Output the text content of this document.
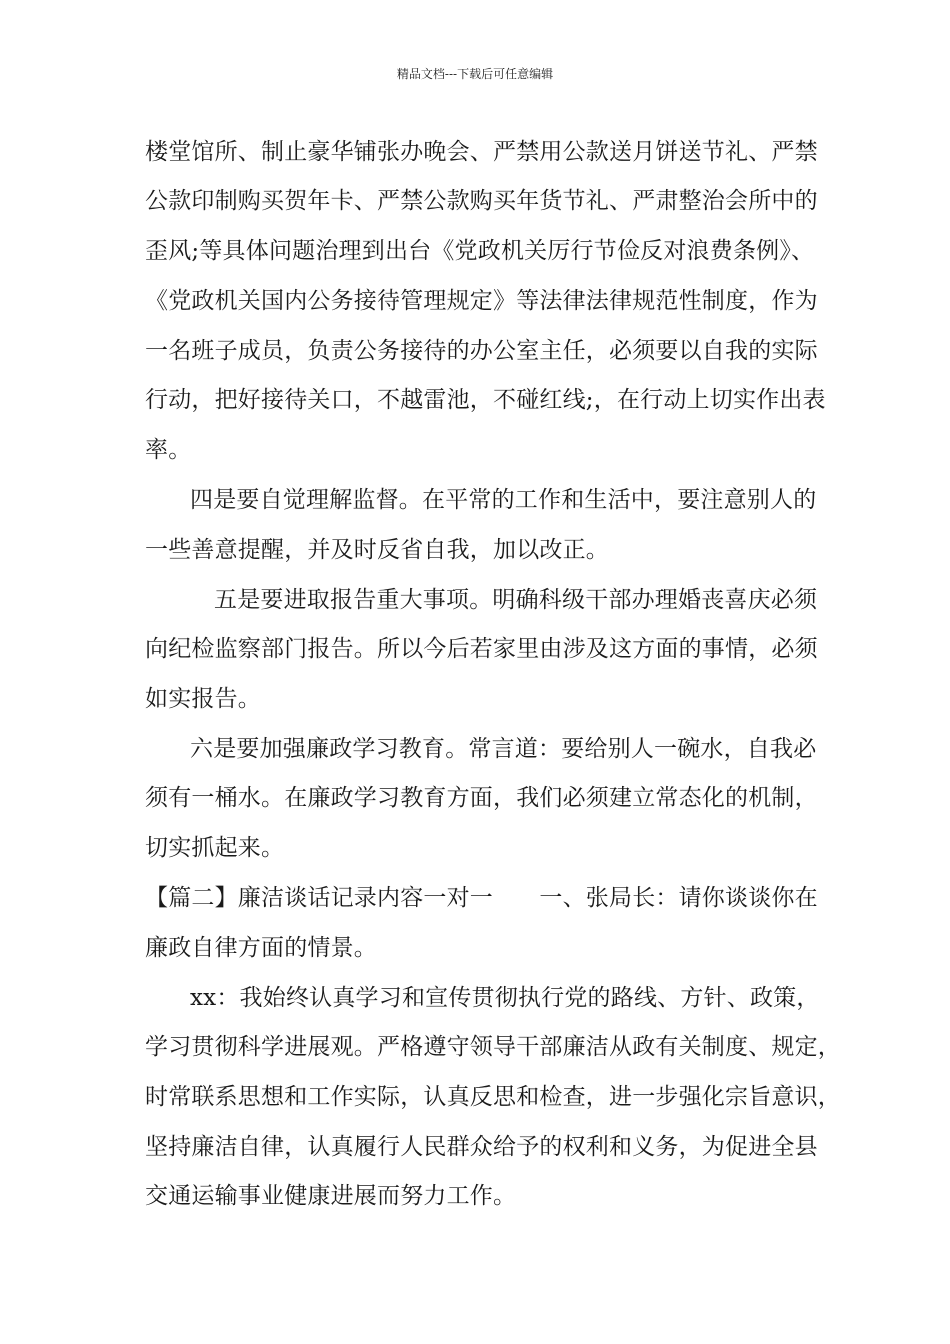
精品文档---下载后可任意编辑
楼堂馆所、制止豪华铺张办晚会、严禁用公款送月饼送节礼、严禁
公款印制购买贺年卡、严禁公款购买年货节礼、严肃整治会所中的
歪风;等具体问题治理到出台《党政机关厉行节俭反对浪费条例》、
《党政机关国内公务接待管理规定》等法律法律规范性制度，作为
一名班子成员，负责公务接待的办公室主任，必须要以自我的实际
行动，把好接待关口，不越雷池，不碰红线;，在行动上切实作出表
率。
四是要自觉理解监督。在平常的工作和生活中，要注意别人的
一些善意提醒，并及时反省自我，加以改正。
五是要进取报告重大事项。明确科级干部办理婚丧喜庆必须
向纪检监察部门报告。所以今后若家里由涉及这方面的事情，必须
如实报告。
六是要加强廉政学习教育。常言道：要给别人一碗水，自我必
须有一桶水。在廉政学习教育方面，我们必须建立常态化的机制，
切实抓起来。
【篇二】廉洁谈话记录内容一对一　　一、张局长：请你谈谈你在
廉政自律方面的情景。
xx：我始终认真学习和宣传贯彻执行党的路线、方针、政策，
学习贯彻科学进展观。严格遵守领导干部廉洁从政有关制度、规定，
时常联系思想和工作实际，认真反思和检查，进一步强化宗旨意识，
坚持廉洁自律，认真履行人民群众给予的权利和义务，为促进全县
交通运输事业健康进展而努力工作。
